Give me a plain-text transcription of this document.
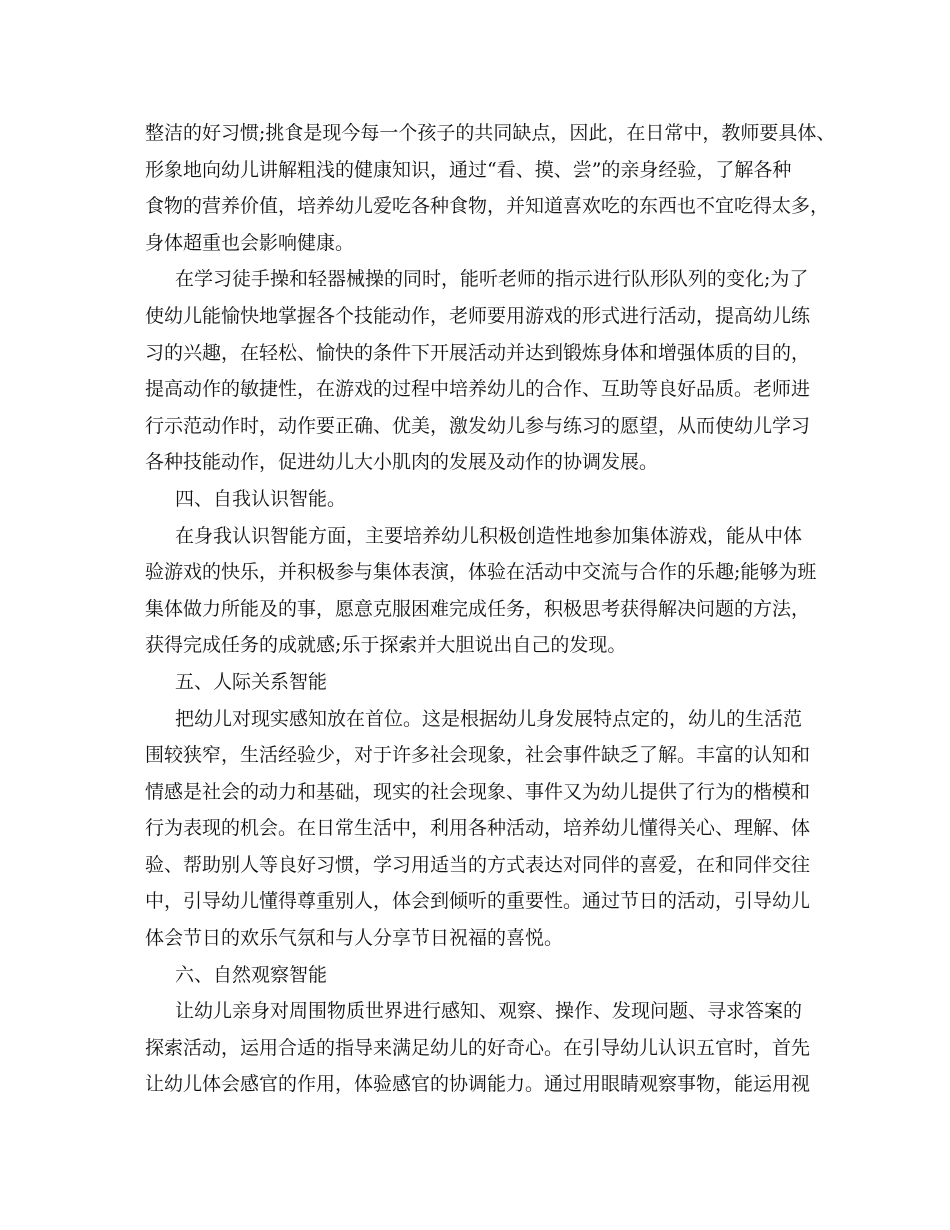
整洁的好习惯;挑食是现今每一个孩子的共同缺点，因此，在日常中，教师要具体、
形象地向幼儿讲解粗浅的健康知识，通过“看、摸、尝”的亲身经验，了解各种
食物的营养价值，培养幼儿爱吃各种食物，并知道喜欢吃的东西也不宜吃得太多，
身体超重也会影响健康。
在学习徒手操和轻器械操的同时，能听老师的指示进行队形队列的变化;为了
使幼儿能愉快地掌握各个技能动作，老师要用游戏的形式进行活动，提高幼儿练
习的兴趣，在轻松、愉快的条件下开展活动并达到锻炼身体和增强体质的目的，
提高动作的敏捷性，在游戏的过程中培养幼儿的合作、互助等良好品质。老师进
行示范动作时，动作要正确、优美，激发幼儿参与练习的愿望，从而使幼儿学习
各种技能动作，促进幼儿大小肌肉的发展及动作的协调发展。
四、自我认识智能。
在身我认识智能方面，主要培养幼儿积极创造性地参加集体游戏，能从中体
验游戏的快乐，并积极参与集体表演，体验在活动中交流与合作的乐趣;能够为班
集体做力所能及的事，愿意克服困难完成任务，积极思考获得解决问题的方法，
获得完成任务的成就感;乐于探索并大胆说出自己的发现。
五、人际关系智能
把幼儿对现实感知放在首位。这是根据幼儿身发展特点定的，幼儿的生活范
围较狭窄，生活经验少，对于许多社会现象，社会事件缺乏了解。丰富的认知和
情感是社会的动力和基础，现实的社会现象、事件又为幼儿提供了行为的楷模和
行为表现的机会。在日常生活中，利用各种活动，培养幼儿懂得关心、理解、体
验、帮助别人等良好习惯，学习用适当的方式表达对同伴的喜爱，在和同伴交往
中，引导幼儿懂得尊重别人，体会到倾听的重要性。通过节日的活动，引导幼儿
体会节日的欢乐气氛和与人分享节日祝福的喜悦。
六、自然观察智能
让幼儿亲身对周围物质世界进行感知、观察、操作、发现问题、寻求答案的
探索活动，运用合适的指导来满足幼儿的好奇心。在引导幼儿认识五官时，首先
让幼儿体会感官的作用，体验感官的协调能力。通过用眼睛观察事物，能运用视
